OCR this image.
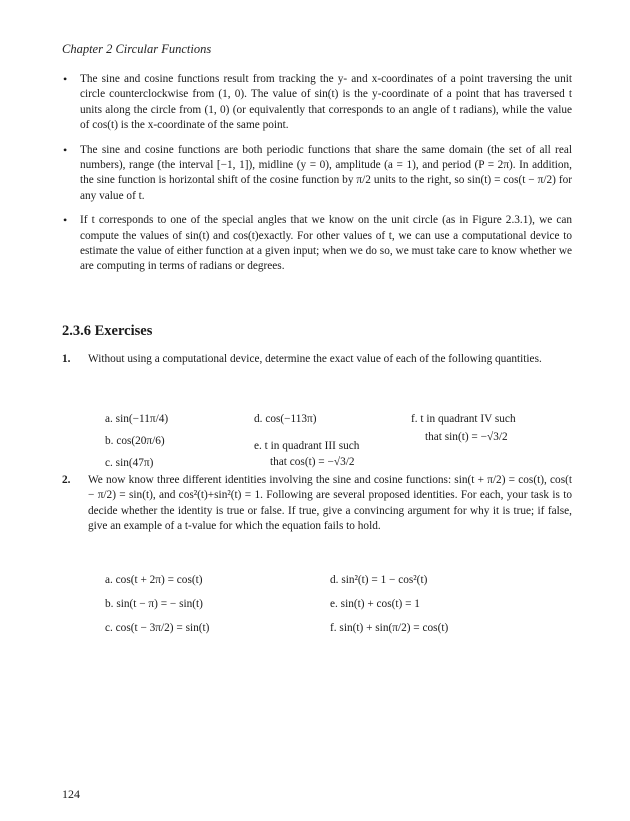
Chapter 2 Circular Functions
• The sine and cosine functions result from tracking the y- and x-coordinates of a point traversing the unit circle counterclockwise from (1, 0). The value of sin(t) is the y-coordinate of a point that has traversed t units along the circle from (1, 0) (or equivalently that corresponds to an angle of t radians), while the value of cos(t) is the x-coordinate of the same point.
• The sine and cosine functions are both periodic functions that share the same domain (the set of all real numbers), range (the interval [−1, 1]), midline (y = 0), amplitude (a = 1), and period (P = 2π). In addition, the sine function is horizontal shift of the cosine function by π/2 units to the right, so sin(t) = cos(t − π/2) for any value of t.
• If t corresponds to one of the special angles that we know on the unit circle (as in Figure 2.3.1), we can compute the values of sin(t) and cos(t)exactly. For other values of t, we can use a computational device to estimate the value of either function at a given input; when we do so, we must take care to know whether we are computing in terms of radians or degrees.
2.3.6 Exercises
1. Without using a computational device, determine the exact value of each of the following quantities.
a. sin(−11π/4)
b. cos(20π/6)
c. sin(47π)
d. cos(−113π)
e. t in quadrant III such
that cos(t) = −√3/2
f. t in quadrant IV such
that sin(t) = −√3/2
2. We now know three different identities involving the sine and cosine functions: sin(t + π/2) = cos(t), cos(t − π/2) = sin(t), and cos²(t)+sin²(t) = 1. Following are several proposed identities. For each, your task is to decide whether the identity is true or false. If true, give a convincing argument for why it is true; if false, give an example of a t-value for which the equation fails to hold.
a. cos(t + 2π) = cos(t)
b. sin(t − π) = − sin(t)
c. cos(t − 3π/2) = sin(t)
d. sin²(t) = 1 − cos²(t)
e. sin(t) + cos(t) = 1
f. sin(t) + sin(π/2) = cos(t)
124
